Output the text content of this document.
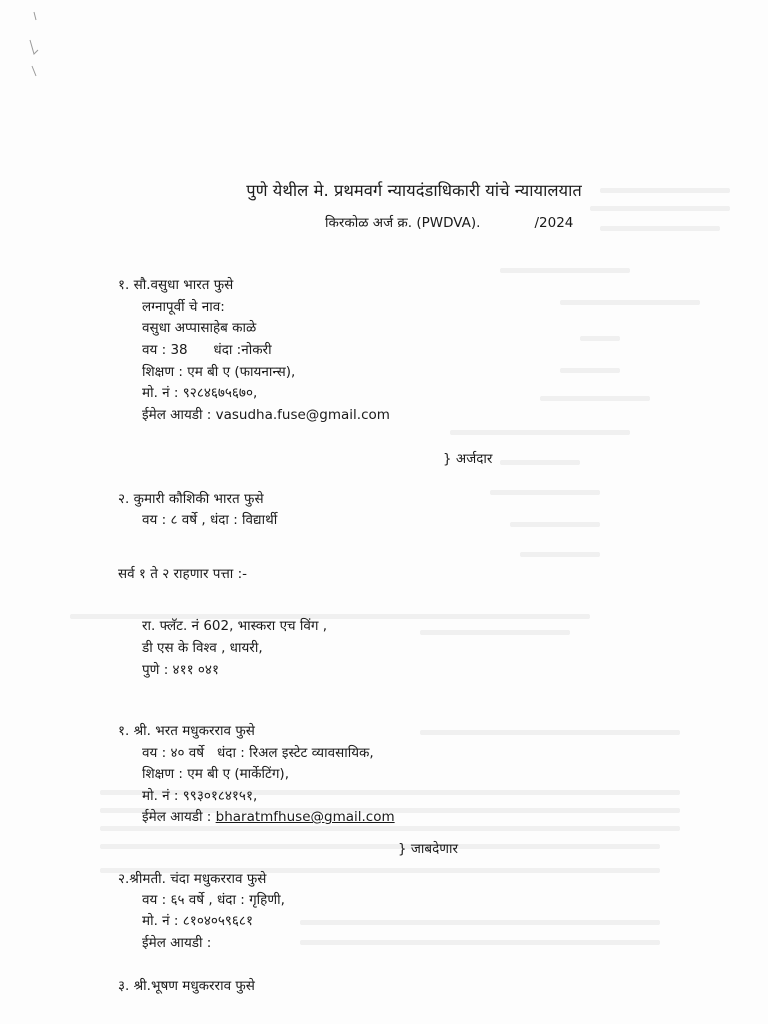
पुणे येथील मे. प्रथमवर्ग न्यायदंडाधिकारी यांचे न्यायालयात
किरकोळ अर्ज क्र. (PWDVA).	/2024
१. सौ.वसुधा भारत फुसे
लग्नापूर्वी चे नाव:
वसुधा अप्पासाहेब काळे
वय : 38      धंदा :नोकरी
शिक्षण : एम बी ए (फायनान्स),
मो. नं : ९२८४६७५६७०,
ईमेल आयडी : vasudha.fuse@gmail.com
} अर्जदार
२. कुमारी कौशिकी भारत फुसे
वय : ८ वर्षे , धंदा : विद्यार्थी
सर्व १ ते २ राहणार पत्ता :-
रा. फ्लॅट. नं 602, भास्करा एच विंग ,
डी एस के विश्व , धायरी,
पुणे : ४११ ०४१
१. श्री. भरत मधुकरराव फुसे
वय : ४० वर्षे   धंदा : रिअल इस्टेट व्यावसायिक,
शिक्षण : एम बी ए (मार्केटिंग),
मो. नं : ९९३०१८४१५१,
ईमेल आयडी : bharatmfhuse@gmail.com
} जाबदेणार
२.श्रीमती. चंदा मधुकरराव फुसे
वय : ६५ वर्षे , धंदा : गृहिणी,
मो. नं : ८१०४०५९६८१
ईमेल आयडी :
३. श्री.भूषण मधुकरराव फुसे
